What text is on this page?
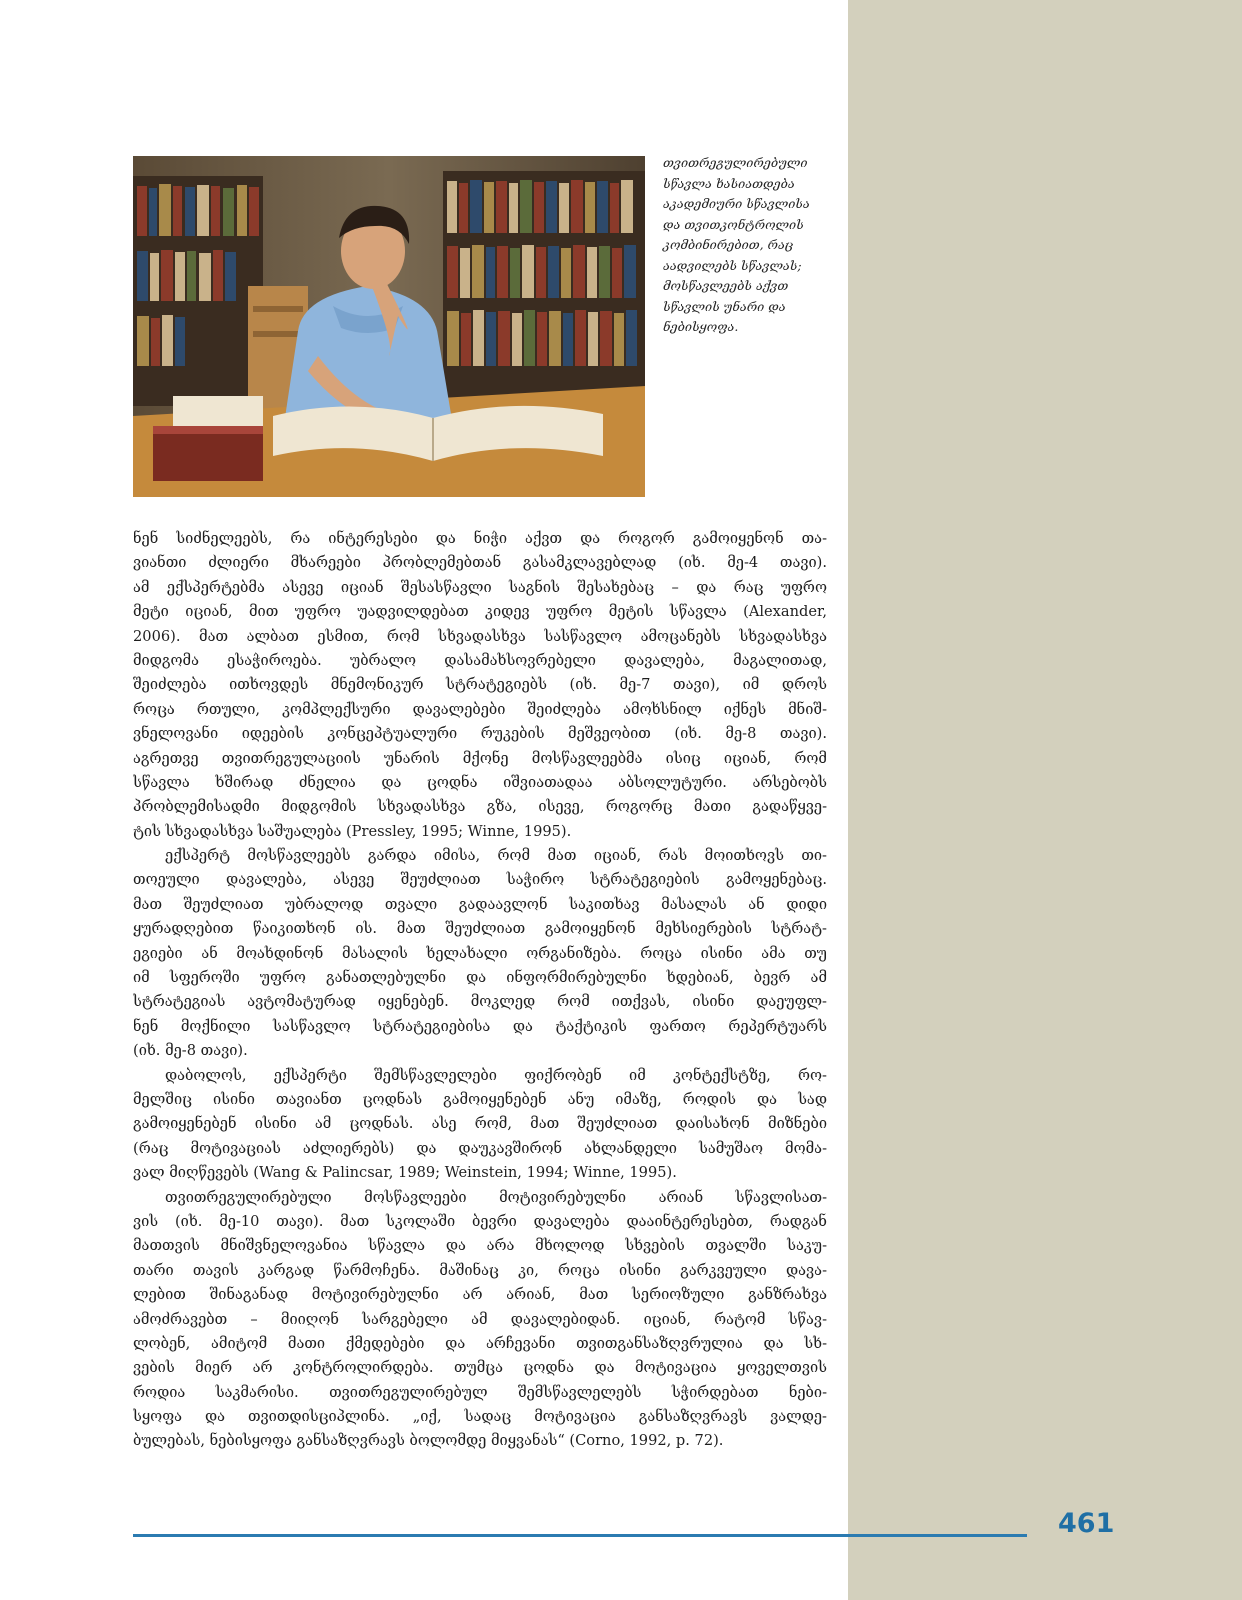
თვითრეგულირებული
სწავლა ხასიათდება
აკადემიური სწავლისა
და თვითკონტროლის
კომბინირებით, რაც
აადვილებს სწავლას;
მოსწავლეებს აქვთ
სწავლის უნარი და
ნებისყოფა.
ნენ სიძნელეებს, რა ინტერესები და ნიჭი აქვთ და როგორ გამოიყენონ თა-
ვიანთი ძლიერი მხარეები პრობლემებთან გასამკლავებლად (იხ. მე-4 თავი).
ამ ექსპერტებმა ასევე იციან შესასწავლი საგნის შესახებაც – და რაც უფრო
მეტი იციან, მით უფრო უადვილდებათ კიდევ უფრო მეტის სწავლა (Alexander,
2006). მათ ალბათ ესმით, რომ სხვადასხვა სასწავლო ამოცანებს სხვადასხვა
მიდგომა ესაჭიროება. უბრალო დასამახსოვრებელი დავალება, მაგალითად,
შეიძლება ითხოვდეს მნემონიკურ სტრატეგიებს (იხ. მე-7 თავი), იმ დროს
როცა რთული, კომპლექსური დავალებები შეიძლება ამოხსნილ იქნეს მნიშ-
ვნელოვანი იდეების კონცეპტუალური რუკების მეშვეობით (იხ. მე-8 თავი).
აგრეთვე თვითრეგულაციის უნარის მქონე მოსწავლეებმა ისიც იციან, რომ
სწავლა ხშირად ძნელია და ცოდნა იშვიათადაა აბსოლუტური. არსებობს
პრობლემისადმი მიდგომის სხვადასხვა გზა, ისევე, როგორც მათი გადაწყვე-
ტის სხვადასხვა საშუალება (Pressley, 1995; Winne, 1995).
ექსპერტ მოსწავლეებს გარდა იმისა, რომ მათ იციან, რას მოითხოვს თი-
თოეული დავალება, ასევე შეუძლიათ საჭირო სტრატეგიების გამოყენებაც.
მათ შეუძლიათ უბრალოდ თვალი გადაავლონ საკითხავ მასალას ან დიდი
ყურადღებით წაიკითხონ ის. მათ შეუძლიათ გამოიყენონ მეხსიერების სტრატ-
ეგიები ან მოახდინონ მასალის ხელახალი ორგანიზება. როცა ისინი ამა თუ
იმ სფეროში უფრო განათლებულნი და ინფორმირებულნი ხდებიან, ბევრ ამ
სტრატეგიას ავტომატურად იყენებენ. მოკლედ რომ ითქვას, ისინი დაეუფლ-
ნენ მოქნილი სასწავლო სტრატეგიებისა და ტაქტიკის ფართო რეპერტუარს
(იხ. მე-8 თავი).
დაბოლოს, ექსპერტი შემსწავლელები ფიქრობენ იმ კონტექსტზე, რო-
მელშიც ისინი თავიანთ ცოდნას გამოიყენებენ ანუ იმაზე, როდის და სად
გამოიყენებენ ისინი ამ ცოდნას. ასე რომ, მათ შეუძლიათ დაისახონ მიზნები
(რაც მოტივაციას აძლიერებს) და დაუკავშირონ ახლანდელი სამუშაო მომა-
ვალ მიღწევებს (Wang & Palincsar, 1989; Weinstein, 1994; Winne, 1995).
თვითრეგულირებული მოსწავლეები მოტივირებულნი არიან სწავლისათ-
ვის (იხ. მე-10 თავი). მათ სკოლაში ბევრი დავალება დააინტერესებთ, რადგან
მათთვის მნიშვნელოვანია სწავლა და არა მხოლოდ სხვების თვალში საკუ-
თარი თავის კარგად წარმოჩენა. მაშინაც კი, როცა ისინი გარკვეული დავა-
ლებით შინაგანად მოტივირებულნი არ არიან, მათ სერიოზული განზრახვა
ამოძრავებთ – მიიღონ სარგებელი ამ დავალებიდან. იციან, რატომ სწავ-
ლობენ, ამიტომ მათი ქმედებები და არჩევანი თვითგანსაზღვრულია და სხ-
ვების მიერ არ კონტროლირდება. თუმცა ცოდნა და მოტივაცია ყოველთვის
როდია საკმარისი. თვითრეგულირებულ შემსწავლელებს სჭირდებათ ნები-
სყოფა და თვითდისციპლინა. „იქ, სადაც მოტივაცია განსაზღვრავს ვალდე-
ბულებას, ნებისყოფა განსაზღვრავს ბოლომდე მიყვანას“ (Corno, 1992, p. 72).
461
